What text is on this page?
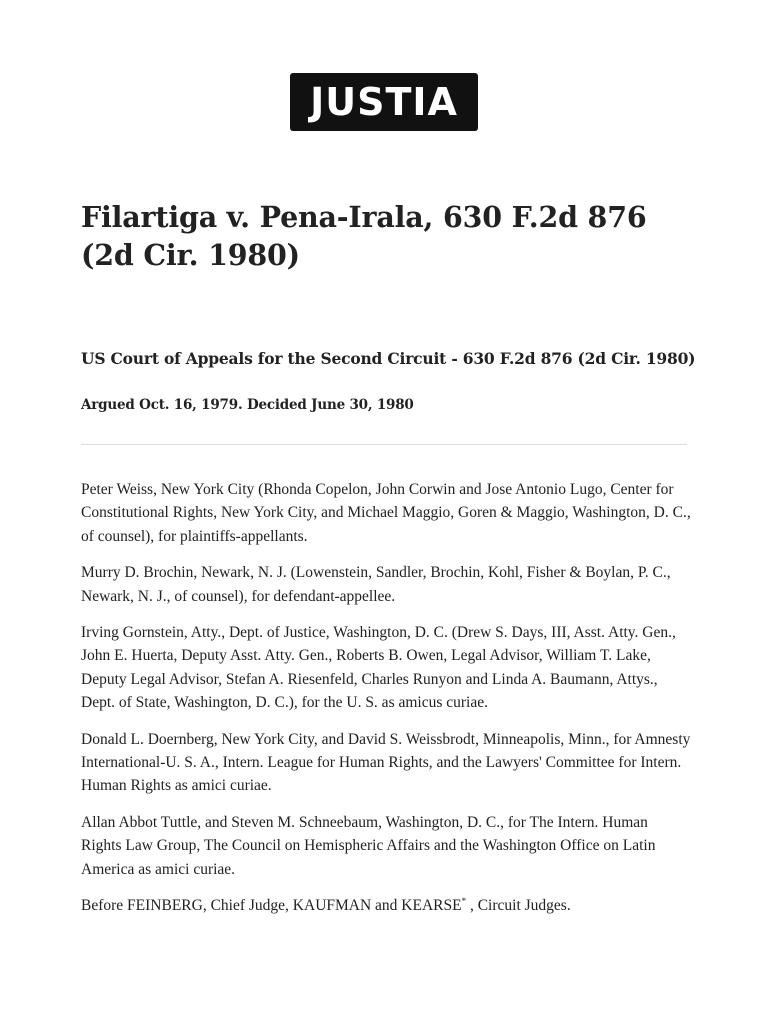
JUSTIA
Filartiga v. Pena-Irala, 630 F.2d 876 (2d Cir. 1980)
US Court of Appeals for the Second Circuit - 630 F.2d 876 (2d Cir. 1980)
Argued Oct. 16, 1979. Decided June 30, 1980

Peter Weiss, New York City (Rhonda Copelon, John Corwin and Jose Antonio Lugo, Center for Constitutional Rights, New York City, and Michael Maggio, Goren & Maggio, Washington, D. C., of counsel), for plaintiffs-appellants.

Murry D. Brochin, Newark, N. J. (Lowenstein, Sandler, Brochin, Kohl, Fisher & Boylan, P. C., Newark, N. J., of counsel), for defendant-appellee.

Irving Gornstein, Atty., Dept. of Justice, Washington, D. C. (Drew S. Days, III, Asst. Atty. Gen., John E. Huerta, Deputy Asst. Atty. Gen., Roberts B. Owen, Legal Advisor, William T. Lake, Deputy Legal Advisor, Stefan A. Riesenfeld, Charles Runyon and Linda A. Baumann, Attys., Dept. of State, Washington, D. C.), for the U. S. as amicus curiae.

Donald L. Doernberg, New York City, and David S. Weissbrodt, Minneapolis, Minn., for Amnesty International-U. S. A., Intern. League for Human Rights, and the Lawyers' Committee for Intern. Human Rights as amici curiae.

Allan Abbot Tuttle, and Steven M. Schneebaum, Washington, D. C., for The Intern. Human Rights Law Group, The Council on Hemispheric Affairs and the Washington Office on Latin America as amici curiae.

Before FEINBERG, Chief Judge, KAUFMAN and KEARSE* , Circuit Judges.
